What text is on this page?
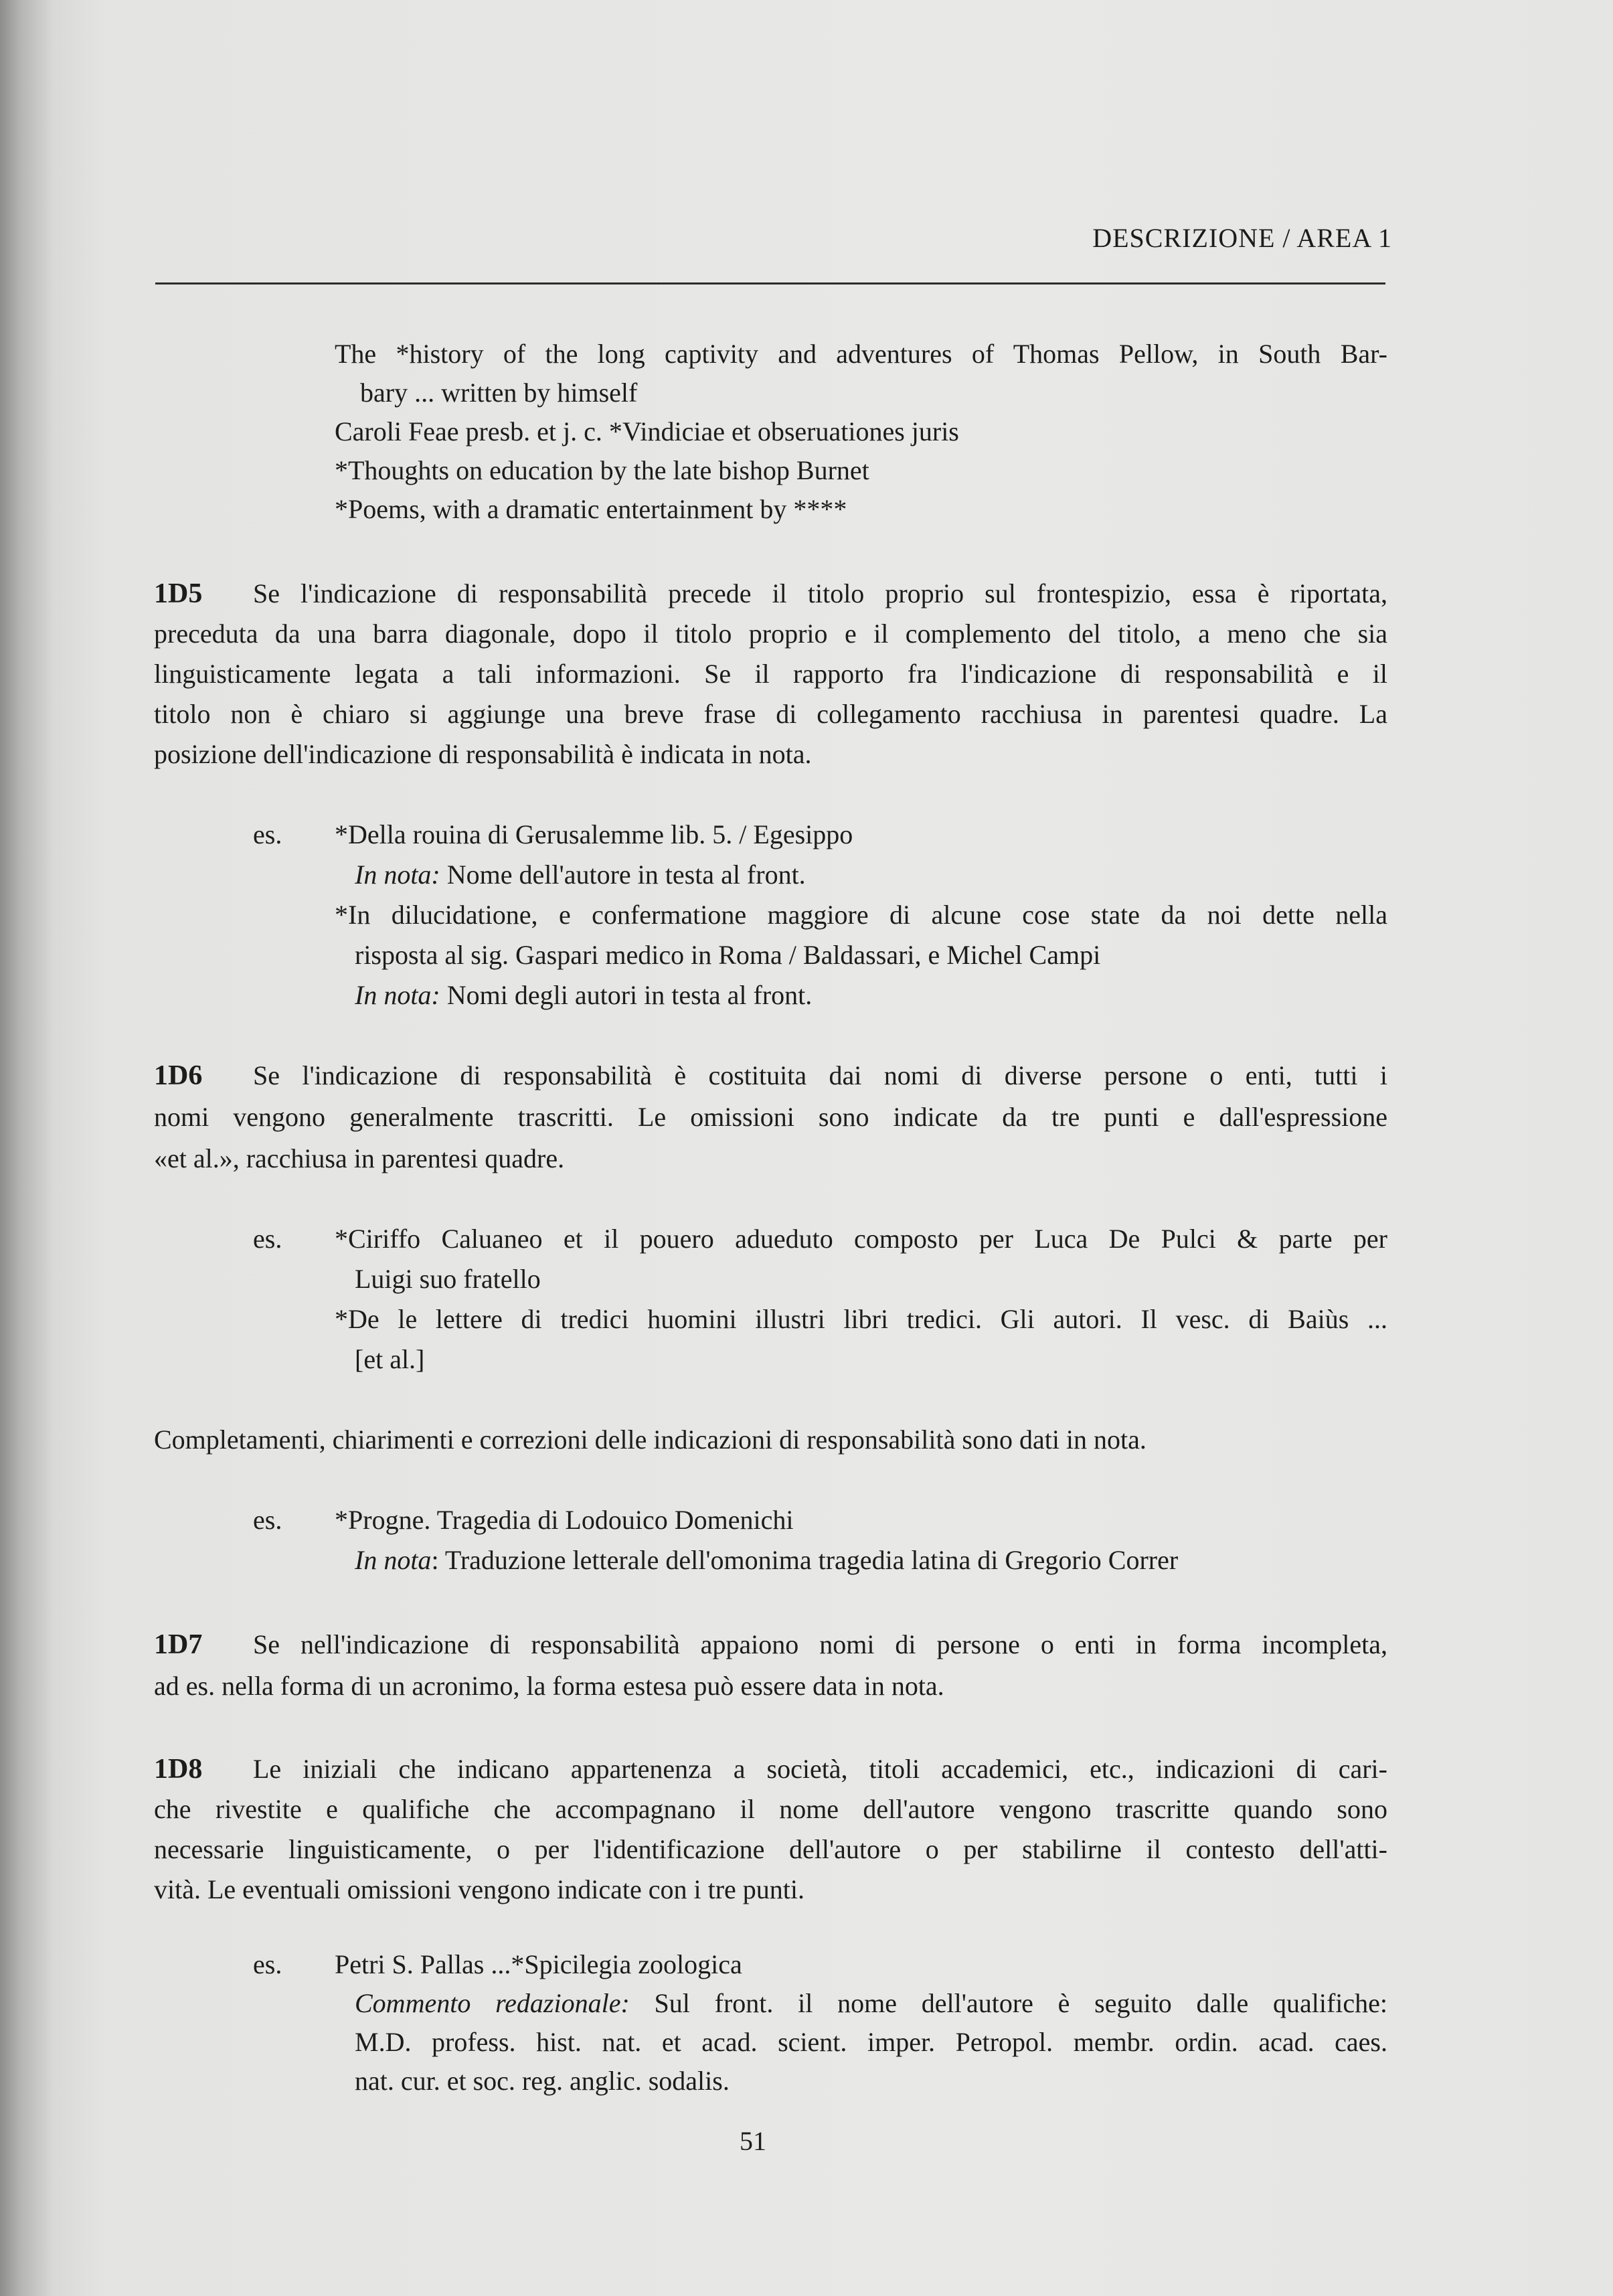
DESCRIZIONE / AREA 1
The *history of the long captivity and adventures of Thomas Pellow, in South Bar-
bary ... written by himself
Caroli Feae presb. et j. c. *Vindiciae et obseruationes juris
*Thoughts on education by the late bishop Burnet
*Poems, with a dramatic entertainment by ****
1D5 Se l'indicazione di responsabilità precede il titolo proprio sul frontespizio, essa è riportata,
preceduta da una barra diagonale, dopo il titolo proprio e il complemento del titolo, a meno che sia
linguisticamente legata a tali informazioni. Se il rapporto fra l'indicazione di responsabilità e il
titolo non è chiaro si aggiunge una breve frase di collegamento racchiusa in parentesi quadre. La
posizione dell'indicazione di responsabilità è indicata in nota.
es. *Della rouina di Gerusalemme lib. 5. / Egesippo
In nota: Nome dell'autore in testa al front.
*In dilucidatione, e confermatione maggiore di alcune cose state da noi dette nella
risposta al sig. Gaspari medico in Roma / Baldassari, e Michel Campi
In nota: Nomi degli autori in testa al front.
1D6 Se l'indicazione di responsabilità è costituita dai nomi di diverse persone o enti, tutti i
nomi vengono generalmente trascritti. Le omissioni sono indicate da tre punti e dall'espressione
«et al.», racchiusa in parentesi quadre.
es. *Ciriffo Caluaneo et il pouero adueduto composto per Luca De Pulci & parte per
Luigi suo fratello
*De le lettere di tredici huomini illustri libri tredici. Gli autori. Il vesc. di Baiùs ...
[et al.]
Completamenti, chiarimenti e correzioni delle indicazioni di responsabilità sono dati in nota.
es. *Progne. Tragedia di Lodouico Domenichi
In nota: Traduzione letterale dell'omonima tragedia latina di Gregorio Correr
1D7 Se nell'indicazione di responsabilità appaiono nomi di persone o enti in forma incompleta,
ad es. nella forma di un acronimo, la forma estesa può essere data in nota.
1D8 Le iniziali che indicano appartenenza a società, titoli accademici, etc., indicazioni di cari-
che rivestite e qualifiche che accompagnano il nome dell'autore vengono trascritte quando sono
necessarie linguisticamente, o per l'identificazione dell'autore o per stabilirne il contesto dell'atti-
vità. Le eventuali omissioni vengono indicate con i tre punti.
es. Petri S. Pallas ...*Spicilegia zoologica
Commento redazionale: Sul front. il nome dell'autore è seguito dalle qualifiche:
M.D. profess. hist. nat. et acad. scient. imper. Petropol. membr. ordin. acad. caes.
nat. cur. et soc. reg. anglic. sodalis.
51
